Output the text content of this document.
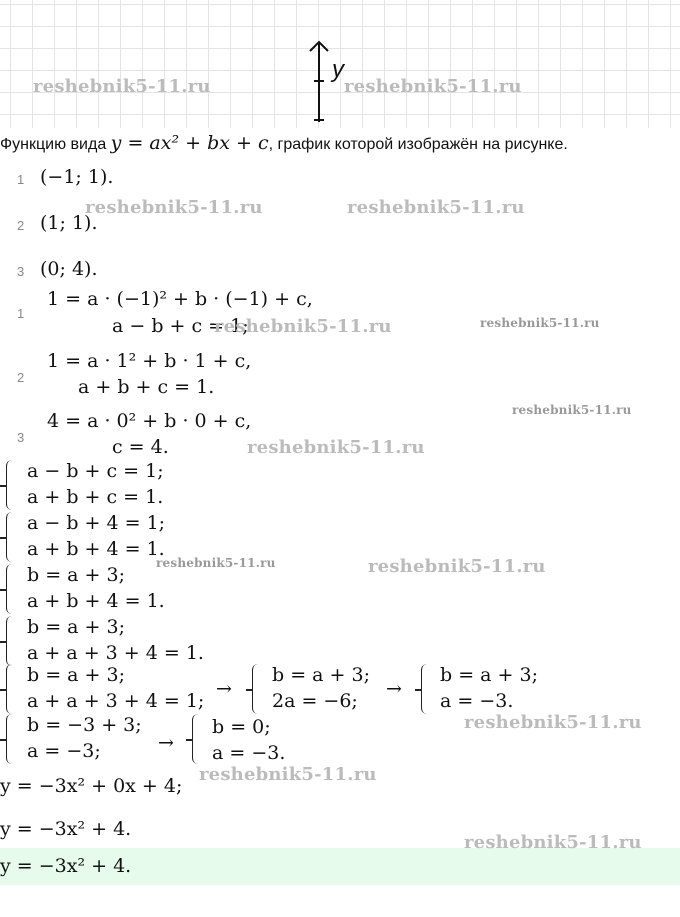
y
Функцию вида y = ax² + bx + c, график которой изображён на рисунке.
1 (−1; 1).
2 (1; 1).
3 (0; 4).
1
1 = a · (−1)² + b · (−1) + c,
a − b + c = 1;
2
1 = a · 1² + b · 1 + c,
a + b + c = 1.
3
4 = a · 0² + b · 0 + c,
c = 4.
a − b + c = 1;
a + b + c = 1.
a − b + 4 = 1;
a + b + 4 = 1.
b = a + 3;
a + b + 4 = 1.
b = a + 3;
a + a + 3 + 4 = 1.
b = a + 3;
a + a + 3 + 4 = 1;
→
b = a + 3;
2a = −6;
→
b = a + 3;
a = −3.
b = −3 + 3;
a = −3;	→
b = 0;
a = −3.
y = −3x² + 0x + 4;
y = −3x² + 4.
y = −3x² + 4.
reshebnik5-11.ru	reshebnik5-11.ru
reshebnik5-11.ru	reshebnik5-11.ru
reshebnik5-11.ru	reshebnik5-11.ru
reshebnik5-11.ru
reshebnik5-11.ru
reshebnik5-11.ru	reshebnik5-11.ru
reshebnik5-11.ru
reshebnik5-11.ru
reshebnik5-11.ru
